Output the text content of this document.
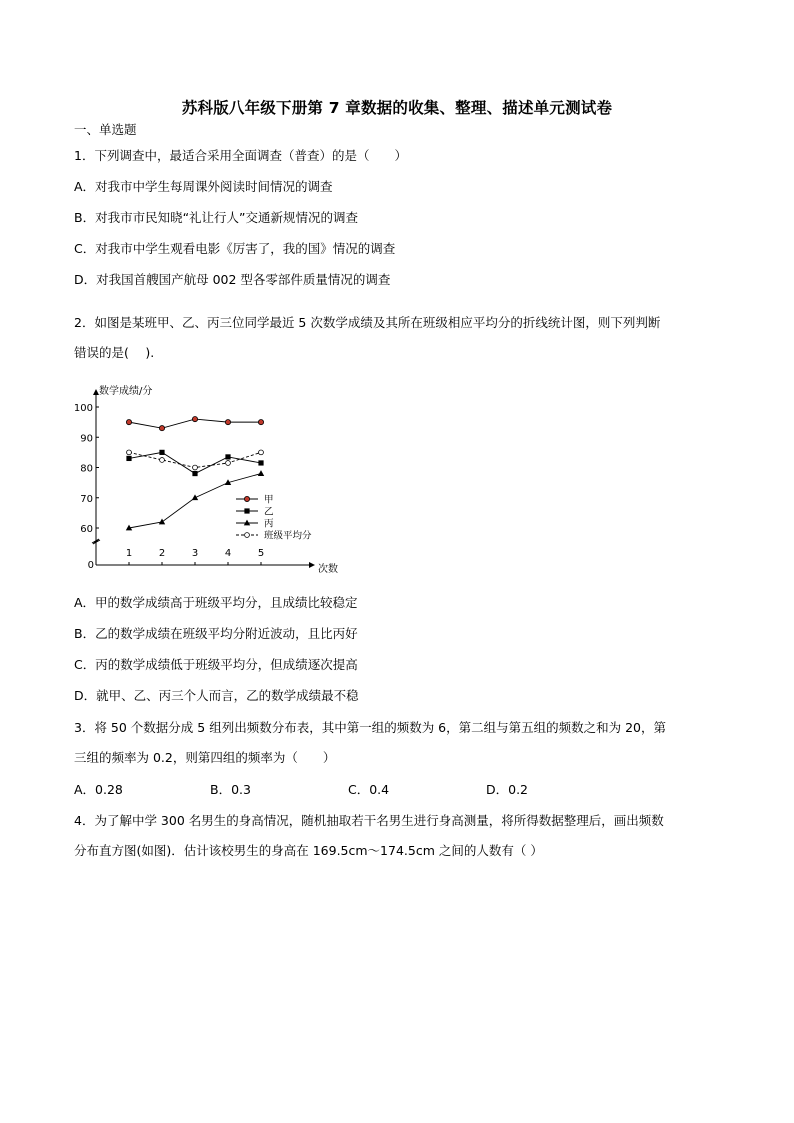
苏科版八年级下册第 7 章数据的收集、整理、描述单元测试卷
一、单选题
1．下列调查中，最适合采用全面调查（普查）的是（　　）
A．对我市中学生每周课外阅读时间情况的调查
B．对我市市民知晓“礼让行人”交通新规情况的调查
C．对我市中学生观看电影《厉害了，我的国》情况的调查
D．对我国首艘国产航母 002 型各零部件质量情况的调查
2．如图是某班甲、乙、丙三位同学最近 5 次数学成绩及其所在班级相应平均分的折线统计图，则下列判断
错误的是(　 ).
甲
乙
丙
班级平均分
60
70
80
90
100
1	2	3	4	5
0
数学成绩/分
次数
A．甲的数学成绩高于班级平均分，且成绩比较稳定
B．乙的数学成绩在班级平均分附近波动，且比丙好
C．丙的数学成绩低于班级平均分，但成绩逐次提高
D．就甲、乙、丙三个人而言，乙的数学成绩最不稳
3．将 50 个数据分成 5 组列出频数分布表，其中第一组的频数为 6，第二组与第五组的频数之和为 20，第
三组的频率为 0.2，则第四组的频率为（　　）
A．0.28	B．0.3	C．0.4	D．0.2
4．为了解中学 300 名男生的身高情况，随机抽取若干名男生进行身高测量，将所得数据整理后，画出频数
分布直方图(如图)．估计该校男生的身高在 169.5cm～174.5cm 之间的人数有（ ）
